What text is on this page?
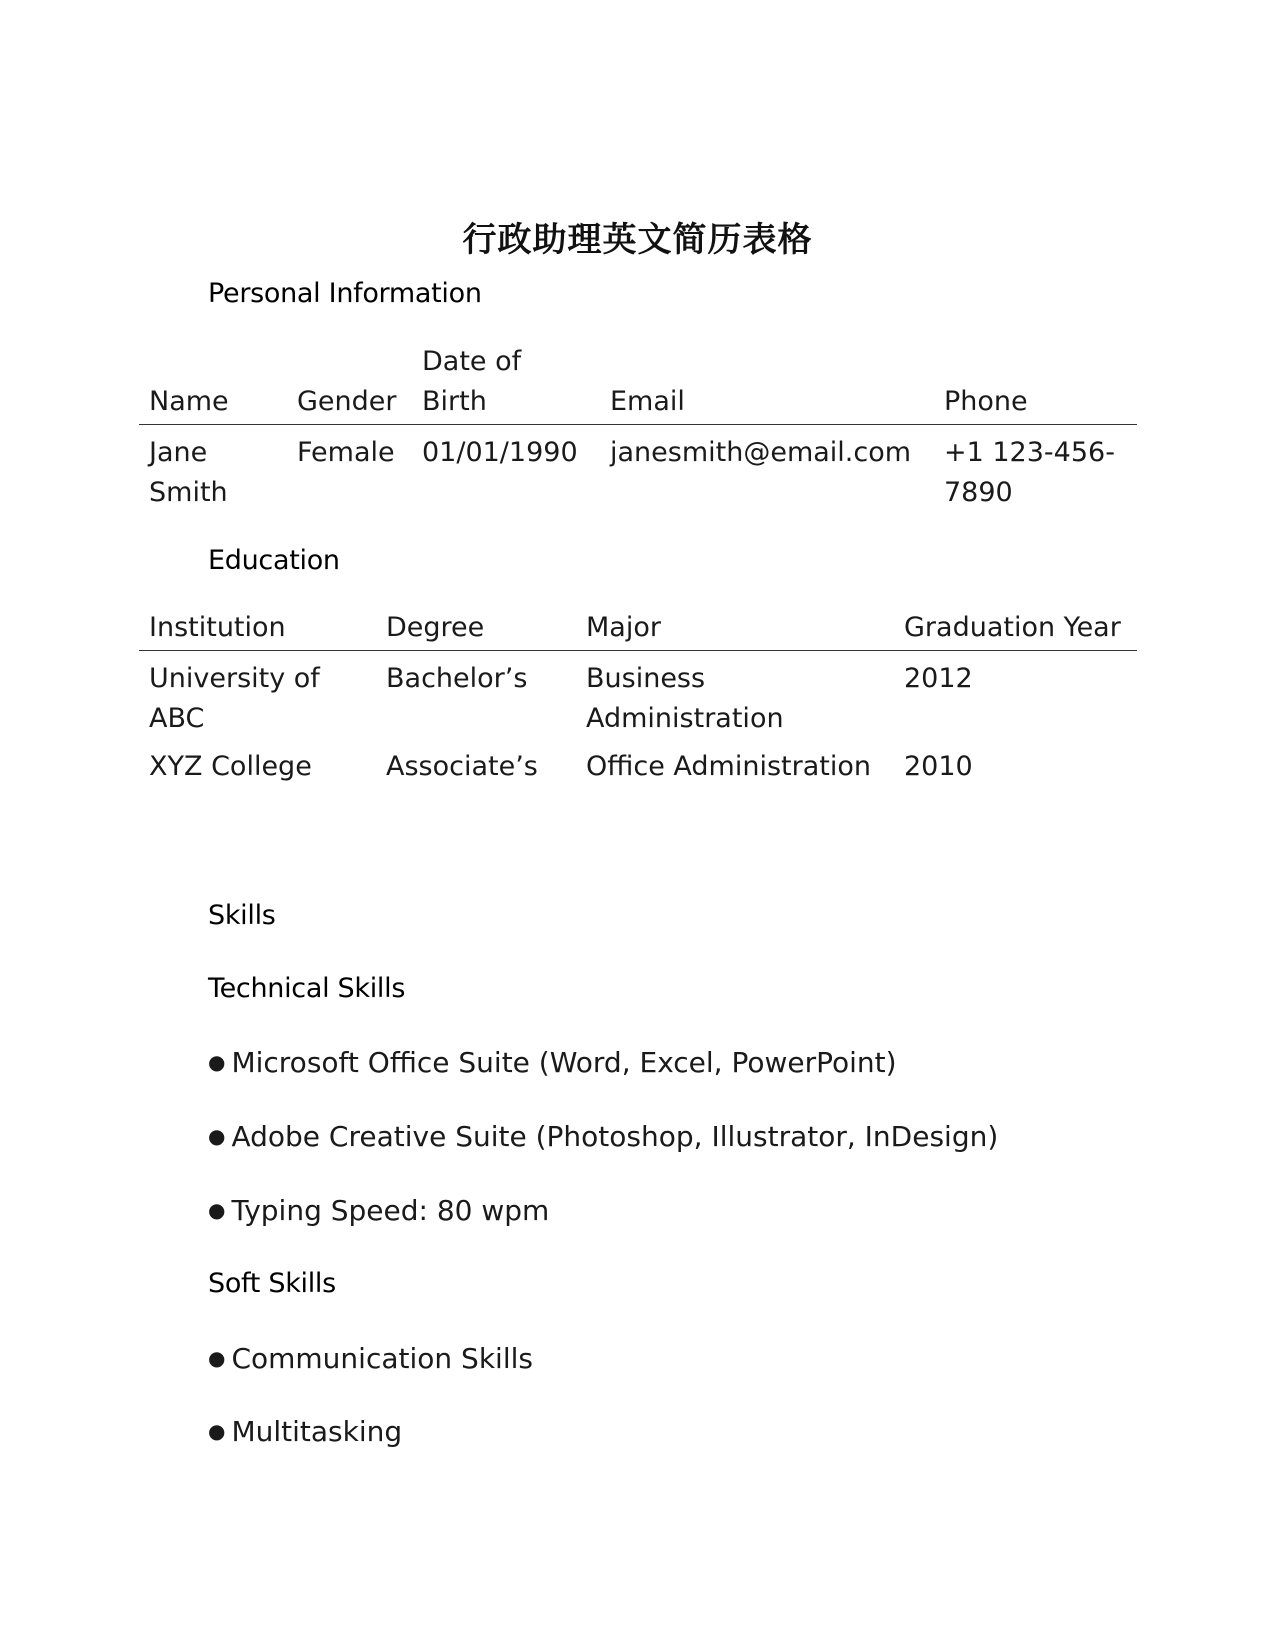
行政助理英文简历表格
Personal Information
Name	Gender	Date of Birth	Email	Phone
Jane Smith	Female	01/01/1990	janesmith@email.com	+1 123-456-7890
Education
Institution	Degree	Major	Graduation Year
University of ABC	Bachelor’s	Business Administration	2012
XYZ College	Associate’s	Office Administration	2010
Skills
Technical Skills

● Microsoft Office Suite (Word, Excel, PowerPoint)

● Adobe Creative Suite (Photoshop, Illustrator, InDesign)

● Typing Speed: 80 wpm

Soft Skills

● Communication Skills

● Multitasking
